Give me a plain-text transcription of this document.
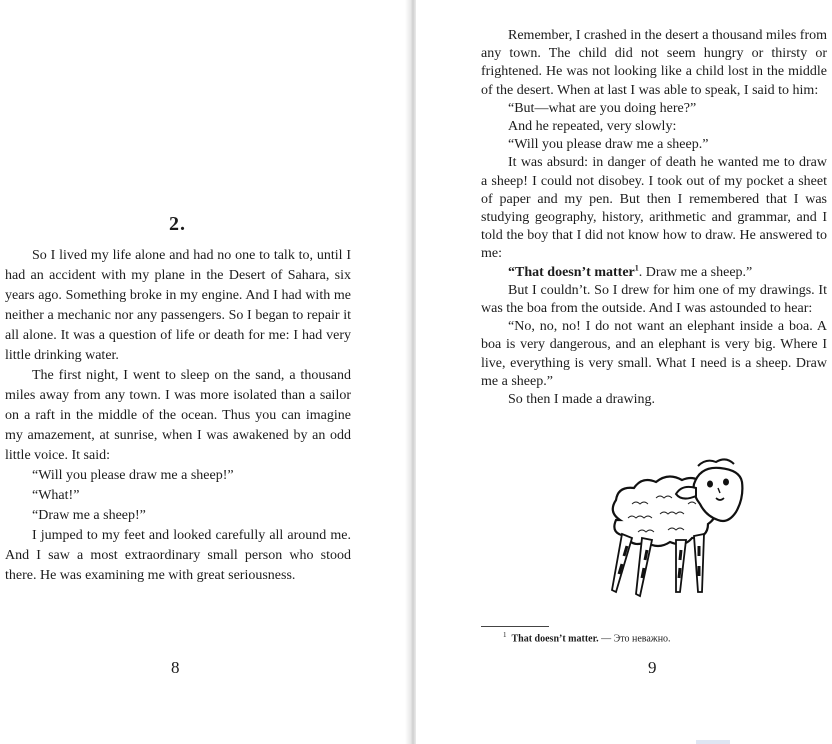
2.

So I lived my life alone and had no one to talk to, until I had an accident with my plane in the Desert of Sahara, six years ago. Something broke in my engine. And I had with me neither a mechanic nor any passengers. So I began to repair it all alone. It was a question of life or death for me: I had very little drinking water.

The first night, I went to sleep on the sand, a thousand miles away from any town. I was more isolated than a sailor on a raft in the middle of the ocean. Thus you can imagine my amazement, at sunrise, when I was awakened by an odd little voice. It said:

“Will you please draw me a sheep!”

“What!”

“Draw me a sheep!”

I jumped to my feet and looked carefully all around me. And I saw a most extraordinary small person who stood there. He was examining me with great seriousness.

8

Remember, I crashed in the desert a thousand miles from any town. The child did not seem hungry or thirsty or frightened. He was not looking like a child lost in the middle of the desert. When at last I was able to speak, I said to him:

“But—what are you doing here?”

And he repeated, very slowly:

“Will you please draw me a sheep.”

It was absurd: in danger of death he wanted me to draw a sheep! I could not disobey. I took out of my pocket a sheet of paper and my pen. But then I remembered that I was studying geography, history, arithmetic and grammar, and I told the boy that I did not know how to draw. He answered to me:

“That doesn’t matter$^1$. Draw me a sheep.”

But I couldn’t. So I drew for him one of my drawings. It was the boa from the outside. And I was astounded to hear:

“No, no, no! I do not want an elephant inside a boa. A boa is very dangerous, and an elephant is very big. Where I live, everything is very small. What I need is a sheep. Draw me a sheep.”

So then I made a drawing.

$^1$ That doesn’t matter. — Это неважно.
9
